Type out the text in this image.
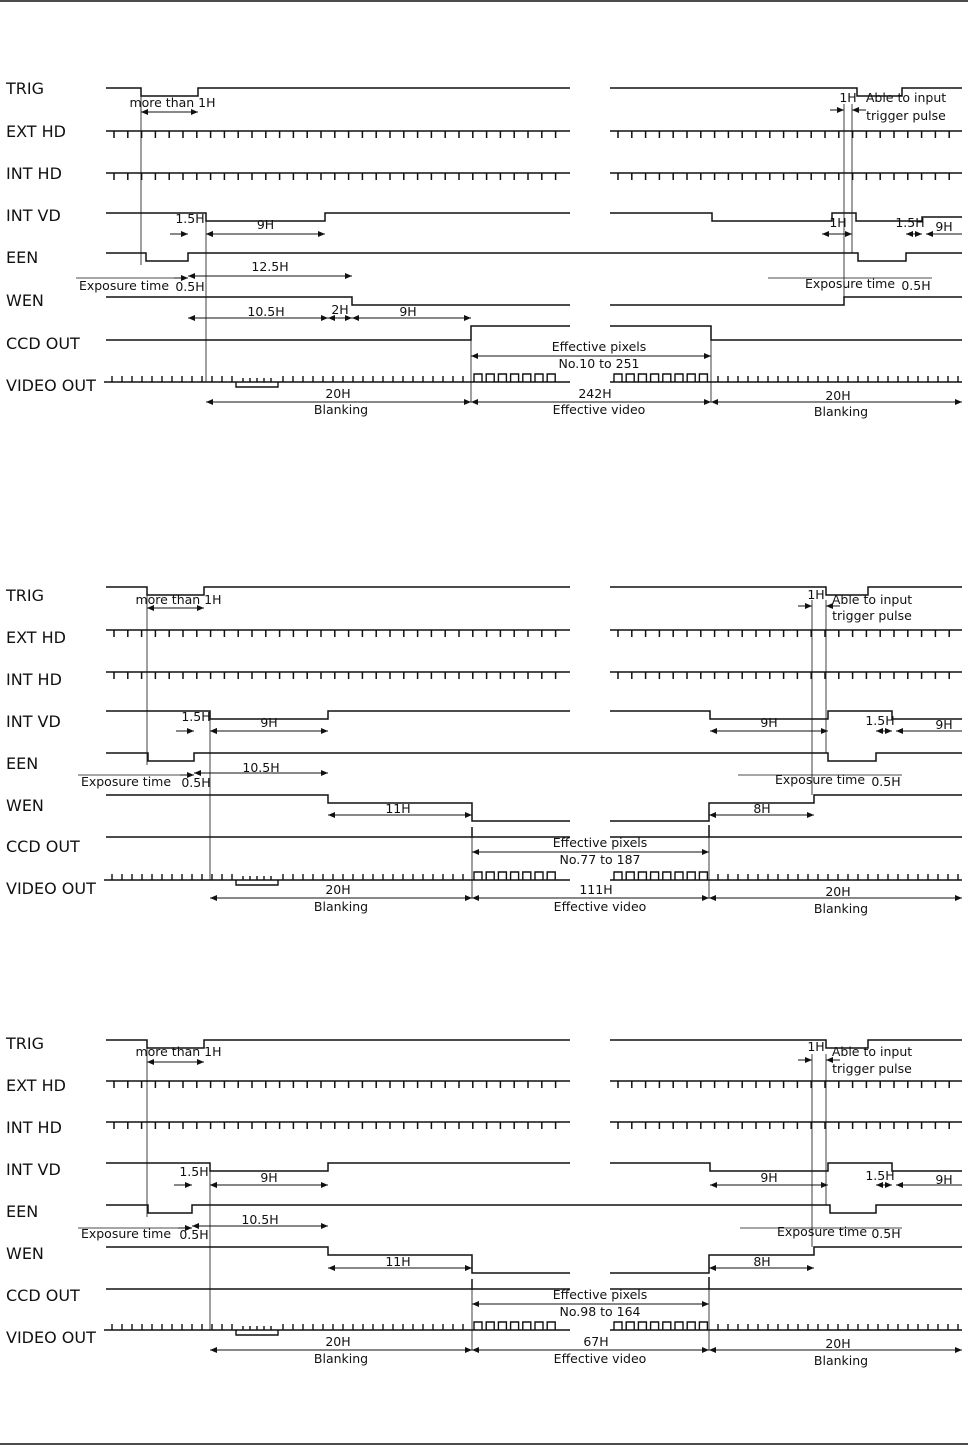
TRIG
EXT HD
INT HD
INT VD
EEN
WEN
CCD OUT
VIDEO OUT
more than 1H	1H Able to input
trigger pulse
1.5H	9H	1.5H 9H
1H
12.5H
Exposure time 0.5H	Exposure time 0.5H
10.5H	2H	9H
Effective pixels
No.10 to 251
20H
Blanking
242H
Effective video
20H
Blanking
TRIG
EXT HD
INT HD
INT VD
EEN
WEN
CCD OUT
VIDEO OUT
more than 1H	1H Able to input
trigger pulse
1.5H	9H	1.5H	9H
9H
10.5H
Exposure time 0.5H	Exposure time 0.5H
11H	8H
Effective pixels
No.77 to 187
20H
Blanking
111H
Effective video
20H
Blanking
TRIG
EXT HD
INT HD
INT VD
EEN
WEN
CCD OUT
VIDEO OUT
more than 1H	1H Able to input
trigger pulse
1.5H	9H	1.5H	9H
9H
10.5H
Exposure time 0.5H	Exposure time 0.5H
11H	8H
Effective pixels
No.98 to 164
20H
Blanking
67H
Effective video
20H
Blanking
